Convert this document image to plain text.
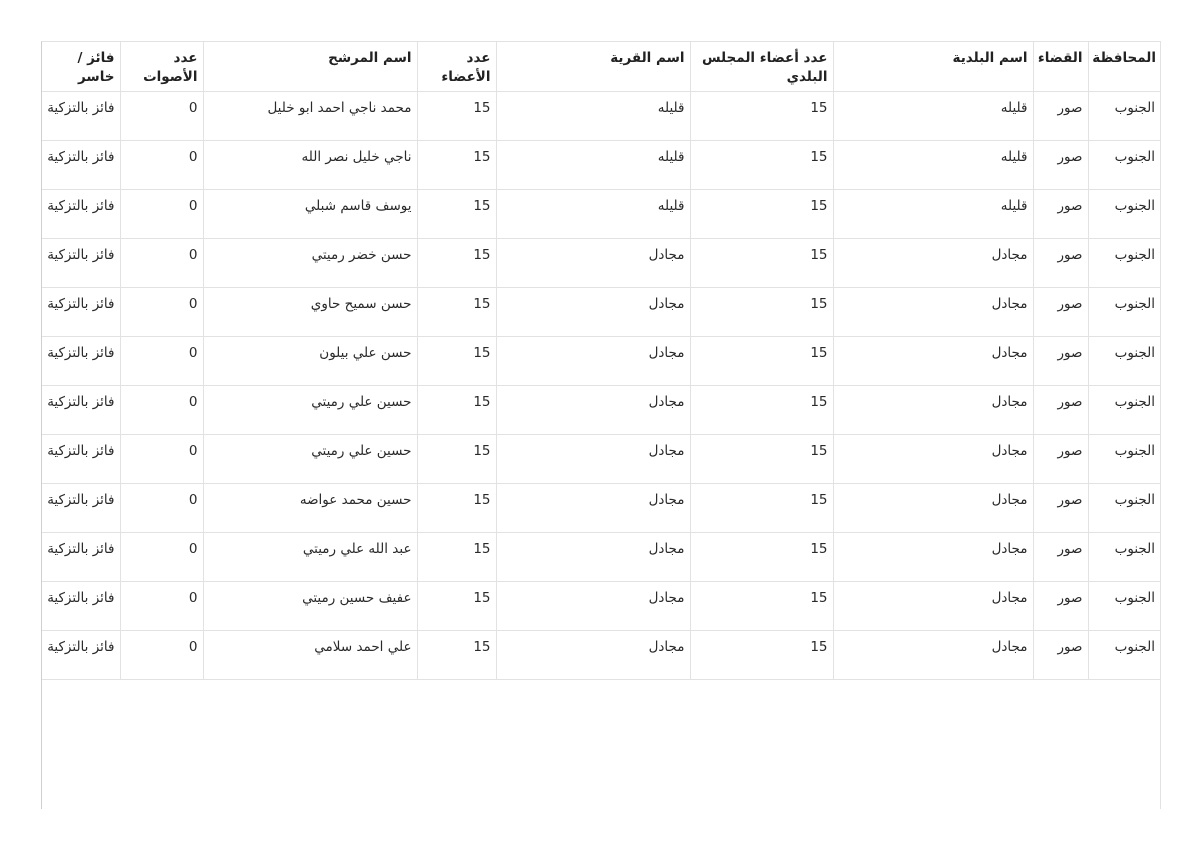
المحافظة	القضاء	اسم البلدية	عدد أعضاء المجلس البلدي	اسم القرية	عدد الأعضاء	اسم المرشح	عدد الأصوات	فائز / خاسر
الجنوب	صور	قليله	15	قليله	15	محمد ناجي احمد ابو خليل	0	فائز بالتزكية
الجنوب	صور	قليله	15	قليله	15	ناجي خليل نصر الله	0	فائز بالتزكية
الجنوب	صور	قليله	15	قليله	15	يوسف قاسم شبلي	0	فائز بالتزكية
الجنوب	صور	مجادل	15	مجادل	15	حسن خضر رميتي	0	فائز بالتزكية
الجنوب	صور	مجادل	15	مجادل	15	حسن سميح حاوي	0	فائز بالتزكية
الجنوب	صور	مجادل	15	مجادل	15	حسن علي بيلون	0	فائز بالتزكية
الجنوب	صور	مجادل	15	مجادل	15	حسين علي رميتي	0	فائز بالتزكية
الجنوب	صور	مجادل	15	مجادل	15	حسين علي رميتي	0	فائز بالتزكية
الجنوب	صور	مجادل	15	مجادل	15	حسين محمد عواضه	0	فائز بالتزكية
الجنوب	صور	مجادل	15	مجادل	15	عبد الله علي رميتي	0	فائز بالتزكية
الجنوب	صور	مجادل	15	مجادل	15	عفيف حسين رميتي	0	فائز بالتزكية
الجنوب	صور	مجادل	15	مجادل	15	علي احمد سلامي	0	فائز بالتزكية
